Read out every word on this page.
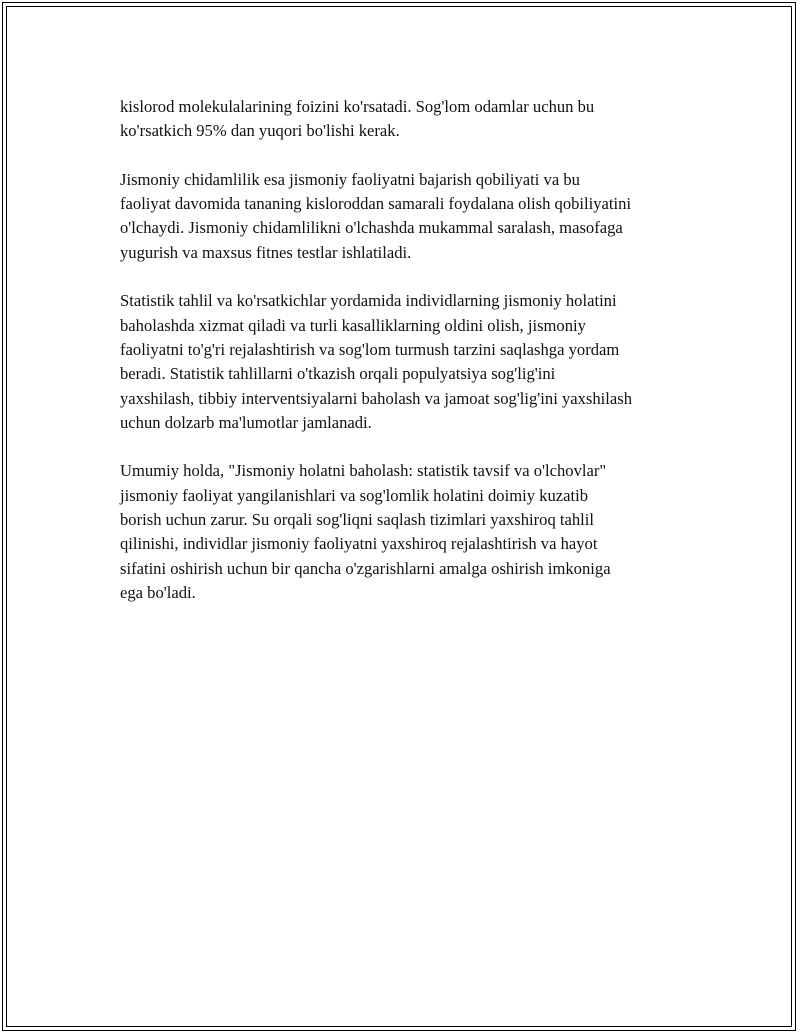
kislorod molekulalarining foizini ko'rsatadi. Sog'lom odamlar uchun bu
ko'rsatkich 95% dan yuqori bo'lishi kerak.

Jismoniy chidamlilik esa jismoniy faoliyatni bajarish qobiliyati va bu
faoliyat davomida tananing kisloroddan samarali foydalana olish qobiliyatini
o'lchaydi. Jismoniy chidamlilikni o'lchashda mukammal saralash, masofaga
yugurish va maxsus fitnes testlar ishlatiladi.

Statistik tahlil va ko'rsatkichlar yordamida individlarning jismoniy holatini
baholashda xizmat qiladi va turli kasalliklarning oldini olish, jismoniy
faoliyatni to'g'ri rejalashtirish va sog'lom turmush tarzini saqlashga yordam
beradi. Statistik tahlillarni o'tkazish orqali populyatsiya sog'lig'ini
yaxshilash, tibbiy interventsiyalarni baholash va jamoat sog'lig'ini yaxshilash
uchun dolzarb ma'lumotlar jamlanadi.

Umumiy holda, "Jismoniy holatni baholash: statistik tavsif va o'lchovlar"
jismoniy faoliyat yangilanishlari va sog'lomlik holatini doimiy kuzatib
borish uchun zarur. Su orqali sog'liqni saqlash tizimlari yaxshiroq tahlil
qilinishi, individlar jismoniy faoliyatni yaxshiroq rejalashtirish va hayot
sifatini oshirish uchun bir qancha o'zgarishlarni amalga oshirish imkoniga
ega bo'ladi.
